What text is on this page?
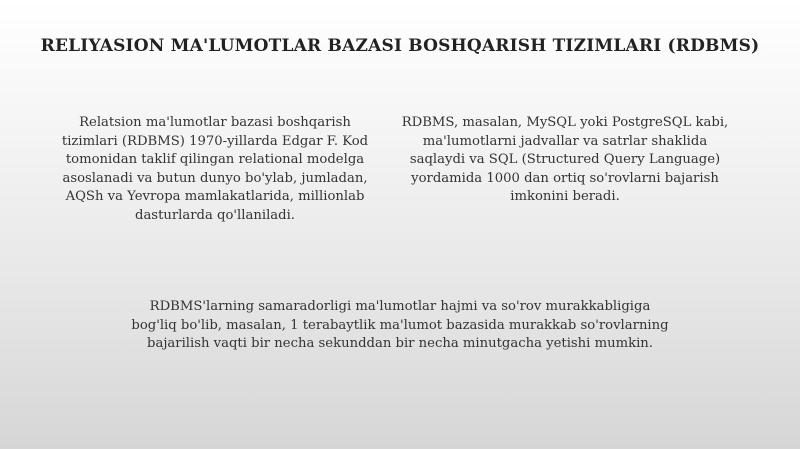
RELIYASION MA'LUMOTLAR BAZASI BOSHQARISH TIZIMLARI (RDBMS)
Relatsion ma'lumotlar bazasi boshqarish tizimlari (RDBMS) 1970-yillarda Edgar F. Kod tomonidan taklif qilingan relational modelga asoslanadi va butun dunyo bo'ylab, jumladan, AQSh va Yevropa mamlakatlarida, millionlab dasturlarda qo'llaniladi.
RDBMS, masalan, MySQL yoki PostgreSQL kabi, ma'lumotlarni jadvallar va satrlar shaklida saqlaydi va SQL (Structured Query Language) yordamida 1000 dan ortiq so'rovlarni bajarish imkonini beradi.
RDBMS'larning samaradorligi ma'lumotlar hajmi va so'rov murakkabligiga bog'liq bo'lib, masalan, 1 terabaytlik ma'lumot bazasida murakkab so'rovlarning bajarilish vaqti bir necha sekunddan bir necha minutgacha yetishi mumkin.
